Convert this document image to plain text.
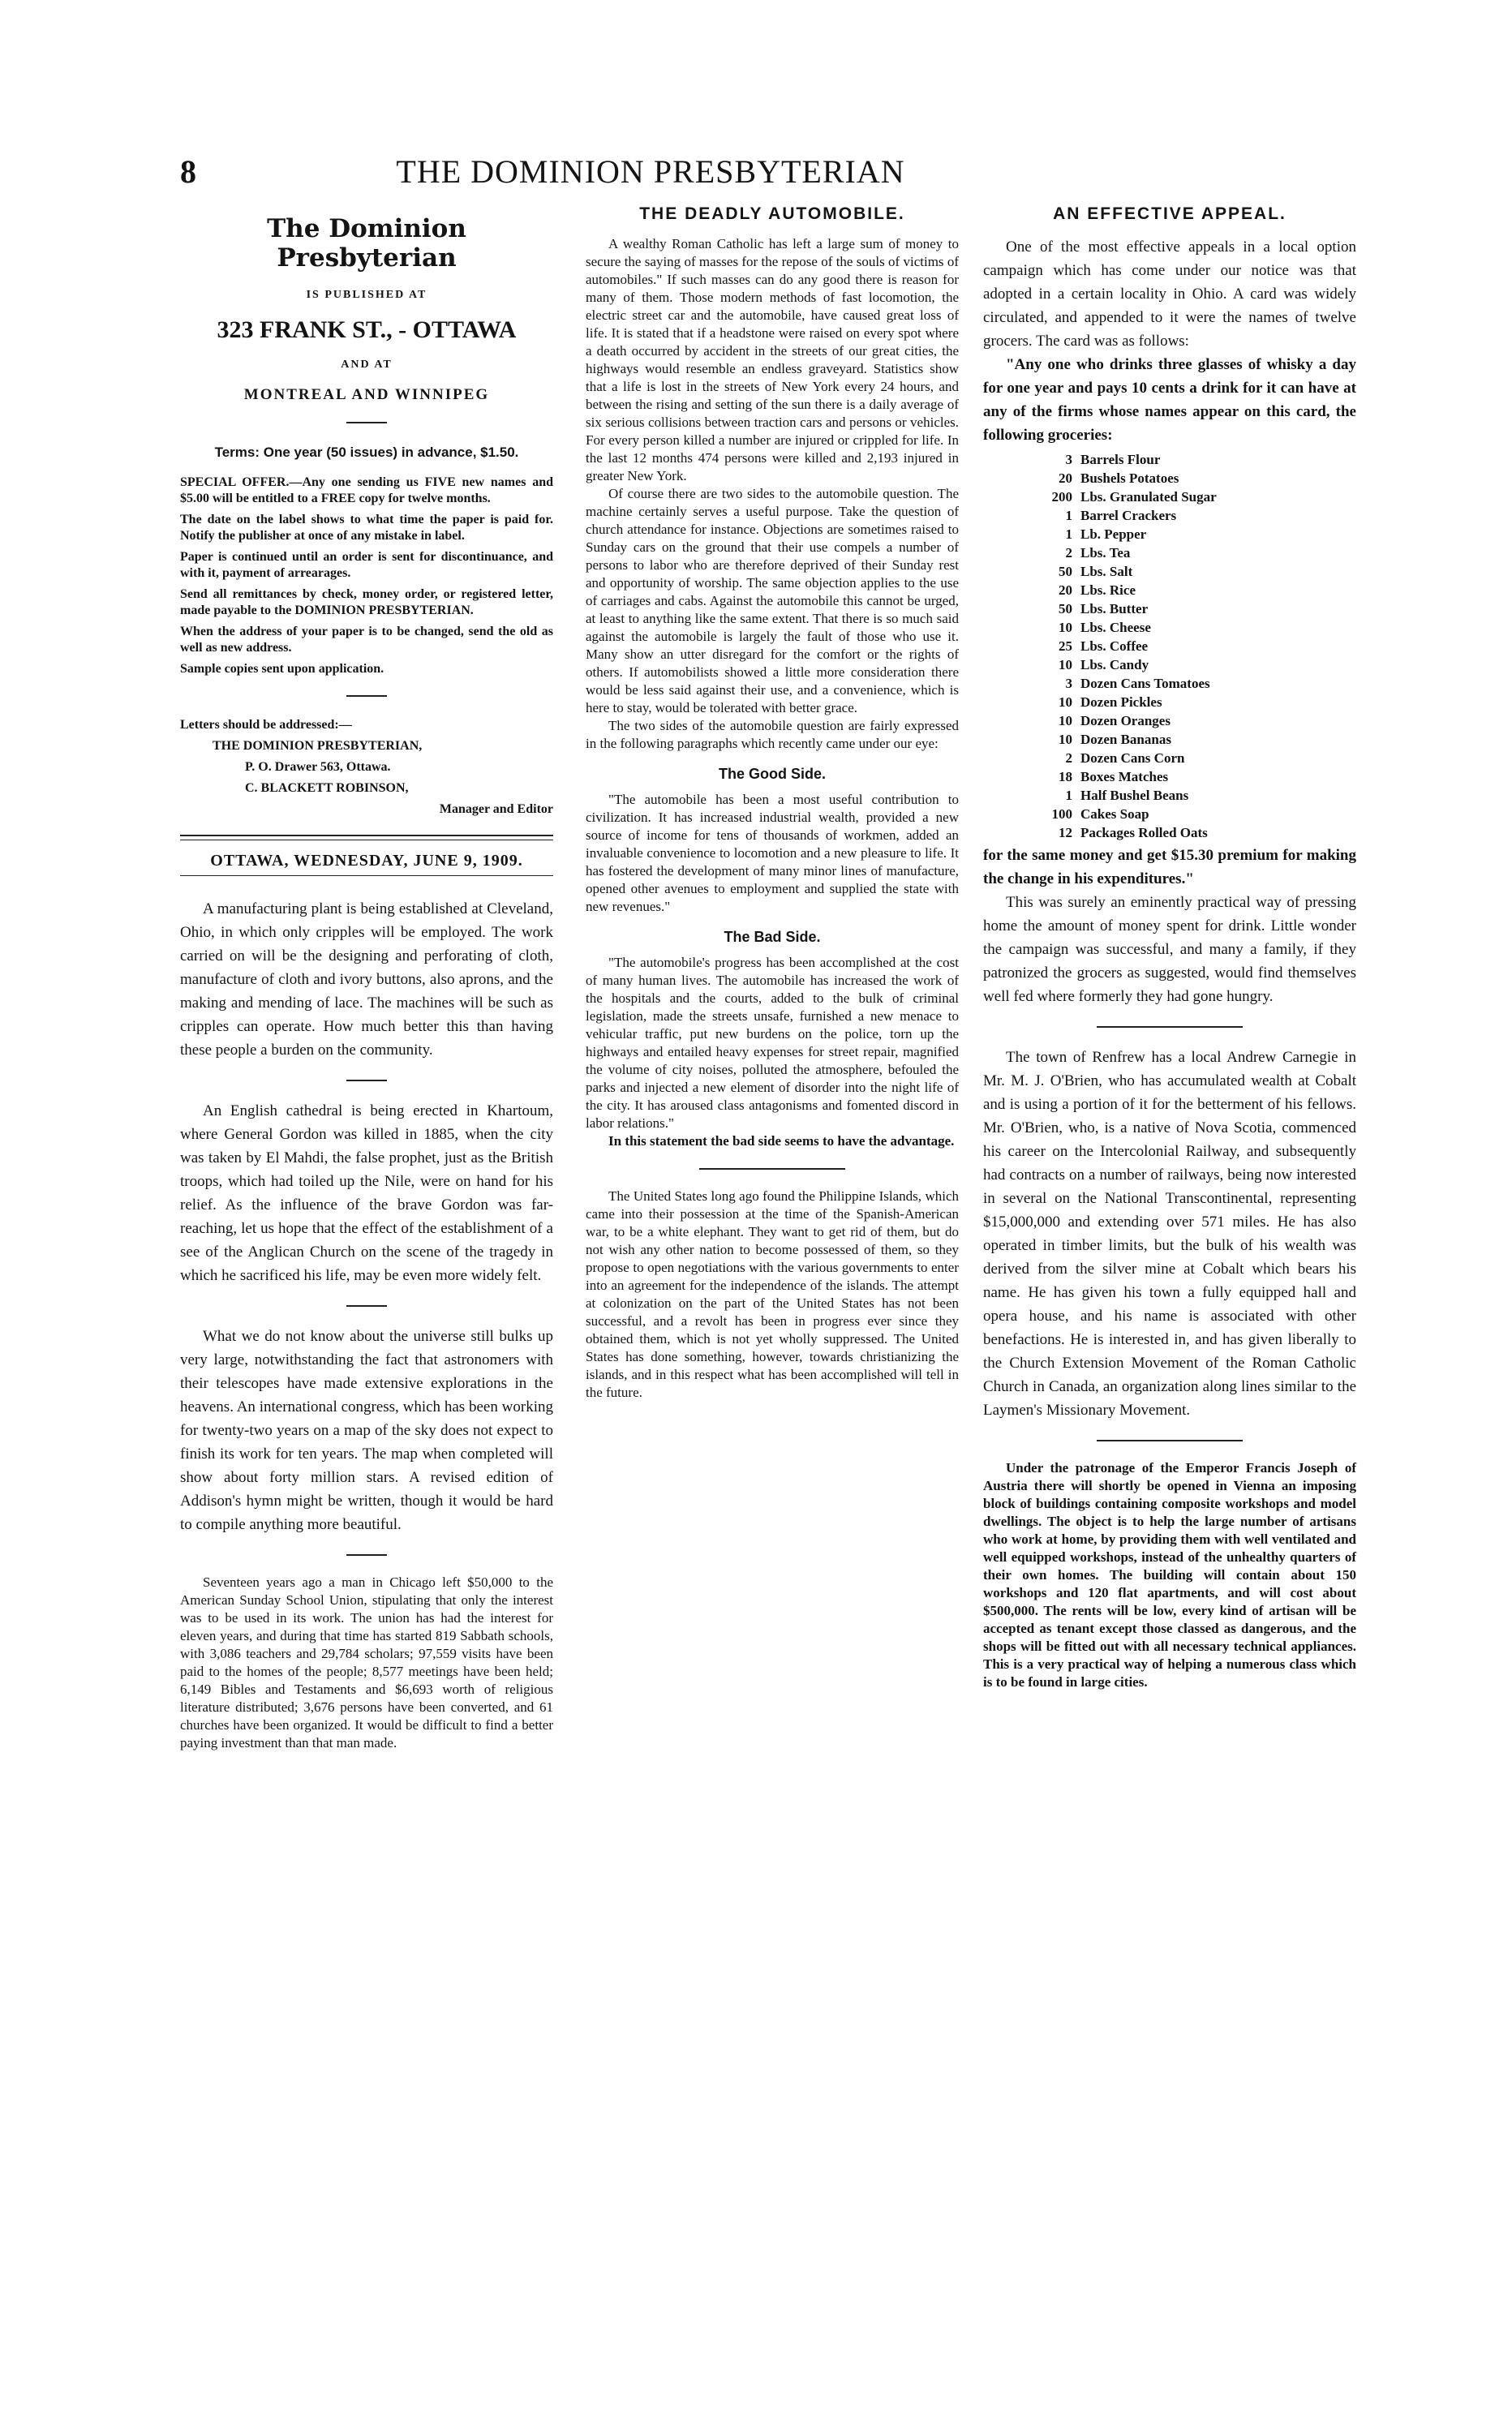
8	THE DOMINION PRESBYTERIAN
The Dominion Presbyterian
IS PUBLISHED AT
323 FRANK ST., - OTTAWA
AND AT
MONTREAL AND WINNIPEG
Terms: One year (50 issues) in advance, $1.50.

SPECIAL OFFER.—Any one sending us FIVE new names and $5.00 will be entitled to a FREE copy for twelve months.

The date on the label shows to what time the paper is paid for. Notify the publisher at once of any mistake in label.

Paper is continued until an order is sent for discontinuance, and with it, payment of arrearages.

Send all remittances by check, money order, or registered letter, made payable to the DOMINION PRESBYTERIAN.

When the address of your paper is to be changed, send the old as well as new address.

Sample copies sent upon application.

Letters should be addressed:—
THE DOMINION PRESBYTERIAN,
P. O. Drawer 563, Ottawa.
C. BLACKETT ROBINSON,
Manager and Editor
OTTAWA, WEDNESDAY, JUNE 9, 1909.

A manufacturing plant is being established at Cleveland, Ohio, in which only cripples will be employed. The work carried on will be the designing and perforating of cloth, manufacture of cloth and ivory buttons, also aprons, and the making and mending of lace. The machines will be such as cripples can operate. How much better this than having these people a burden on the community.

An English cathedral is being erected in Khartoum, where General Gordon was killed in 1885, when the city was taken by El Mahdi, the false prophet, just as the British troops, which had toiled up the Nile, were on hand for his relief. As the influence of the brave Gordon was far-reaching, let us hope that the effect of the establishment of a see of the Anglican Church on the scene of the tragedy in which he sacrificed his life, may be even more widely felt.

What we do not know about the universe still bulks up very large, notwithstanding the fact that astronomers with their telescopes have made extensive explorations in the heavens. An international congress, which has been working for twenty-two years on a map of the sky does not expect to finish its work for ten years. The map when completed will show about forty million stars. A revised edition of Addison's hymn might be written, though it would be hard to compile anything more beautiful.

Seventeen years ago a man in Chicago left $50,000 to the American Sunday School Union, stipulating that only the interest was to be used in its work. The union has had the interest for eleven years, and during that time has started 819 Sabbath schools, with 3,086 teachers and 29,784 scholars; 97,559 visits have been paid to the homes of the people; 8,577 meetings have been held; 6,149 Bibles and Testaments and $6,693 worth of religious literature distributed; 3,676 persons have been converted, and 61 churches have been organized. It would be difficult to find a better paying investment than that man made.

THE DEADLY AUTOMOBILE.

A wealthy Roman Catholic has left a large sum of money to secure the saying of masses for the repose of the souls of victims of automobiles." If such masses can do any good there is reason for many of them. Those modern methods of fast locomotion, the electric street car and the automobile, have caused great loss of life. It is stated that if a headstone were raised on every spot where a death occurred by accident in the streets of our great cities, the highways would resemble an endless graveyard. Statistics show that a life is lost in the streets of New York every 24 hours, and between the rising and setting of the sun there is a daily average of six serious collisions between traction cars and persons or vehicles. For every person killed a number are injured or crippled for life. In the last 12 months 474 persons were killed and 2,193 injured in greater New York.

Of course there are two sides to the automobile question. The machine certainly serves a useful purpose. Take the question of church attendance for instance. Objections are sometimes raised to Sunday cars on the ground that their use compels a number of persons to labor who are therefore deprived of their Sunday rest and opportunity of worship. The same objection applies to the use of carriages and cabs. Against the automobile this cannot be urged, at least to anything like the same extent. That there is so much said against the automobile is largely the fault of those who use it. Many show an utter disregard for the comfort or the rights of others. If automobilists showed a little more consideration there would be less said against their use, and a convenience, which is here to stay, would be tolerated with better grace.

The two sides of the automobile question are fairly expressed in the following paragraphs which recently came under our eye:

The Good Side.

"The automobile has been a most useful contribution to civilization. It has increased industrial wealth, provided a new source of income for tens of thousands of workmen, added an invaluable convenience to locomotion and a new pleasure to life. It has fostered the development of many minor lines of manufacture, opened other avenues to employment and supplied the state with new revenues."

The Bad Side.

"The automobile's progress has been accomplished at the cost of many human lives. The automobile has increased the work of the hospitals and the courts, added to the bulk of criminal legislation, made the streets unsafe, furnished a new menace to vehicular traffic, put new burdens on the police, torn up the highways and entailed heavy expenses for street repair, magnified the volume of city noises, polluted the atmosphere, befouled the parks and injected a new element of disorder into the night life of the city. It has aroused class antagonisms and fomented discord in labor relations."

In this statement the bad side seems to have the advantage.

The United States long ago found the Philippine Islands, which came into their possession at the time of the Spanish-American war, to be a white elephant. They want to get rid of them, but do not wish any other nation to become possessed of them, so they propose to open negotiations with the various governments to enter into an agreement for the independence of the islands. The attempt at colonization on the part of the United States has not been successful, and a revolt has been in progress ever since they obtained them, which is not yet wholly suppressed. The United States has done something, however, towards christianizing the islands, and in this respect what has been accomplished will tell in the future.

AN EFFECTIVE APPEAL.

One of the most effective appeals in a local option campaign which has come under our notice was that adopted in a certain locality in Ohio. A card was widely circulated, and appended to it were the names of twelve grocers. The card was as follows:

"Any one who drinks three glasses of whisky a day for one year and pays 10 cents a drink for it can have at any of the firms whose names appear on this card, the following groceries:

3 Barrels Flour
20 Bushels Potatoes
200 Lbs. Granulated Sugar
1 Barrel Crackers
1 Lb. Pepper
2 Lbs. Tea
50 Lbs. Salt
20 Lbs. Rice
50 Lbs. Butter
10 Lbs. Cheese
25 Lbs. Coffee
10 Lbs. Candy
3 Dozen Cans Tomatoes
10 Dozen Pickles
10 Dozen Oranges
10 Dozen Bananas
2 Dozen Cans Corn
18 Boxes Matches
1 Half Bushel Beans
100 Cakes Soap
12 Packages Rolled Oats

for the same money and get $15.30 premium for making the change in his expenditures."

This was surely an eminently practical way of pressing home the amount of money spent for drink. Little wonder the campaign was successful, and many a family, if they patronized the grocers as suggested, would find themselves well fed where formerly they had gone hungry.

The town of Renfrew has a local Andrew Carnegie in Mr. M. J. O'Brien, who has accumulated wealth at Cobalt and is using a portion of it for the betterment of his fellows. Mr. O'Brien, who, is a native of Nova Scotia, commenced his career on the Intercolonial Railway, and subsequently had contracts on a number of railways, being now interested in several on the National Transcontinental, representing $15,000,000 and extending over 571 miles. He has also operated in timber limits, but the bulk of his wealth was derived from the silver mine at Cobalt which bears his name. He has given his town a fully equipped hall and opera house, and his name is associated with other benefactions. He is interested in, and has given liberally to the Church Extension Movement of the Roman Catholic Church in Canada, an organization along lines similar to the Laymen's Missionary Movement.

Under the patronage of the Emperor Francis Joseph of Austria there will shortly be opened in Vienna an imposing block of buildings containing composite workshops and model dwellings. The object is to help the large number of artisans who work at home, by providing them with well ventilated and well equipped workshops, instead of the unhealthy quarters of their own homes. The building will contain about 150 workshops and 120 flat apartments, and will cost about $500,000. The rents will be low, every kind of artisan will be accepted as tenant except those classed as dangerous, and the shops will be fitted out with all necessary technical appliances. This is a very practical way of helping a numerous class which is to be found in large cities.
